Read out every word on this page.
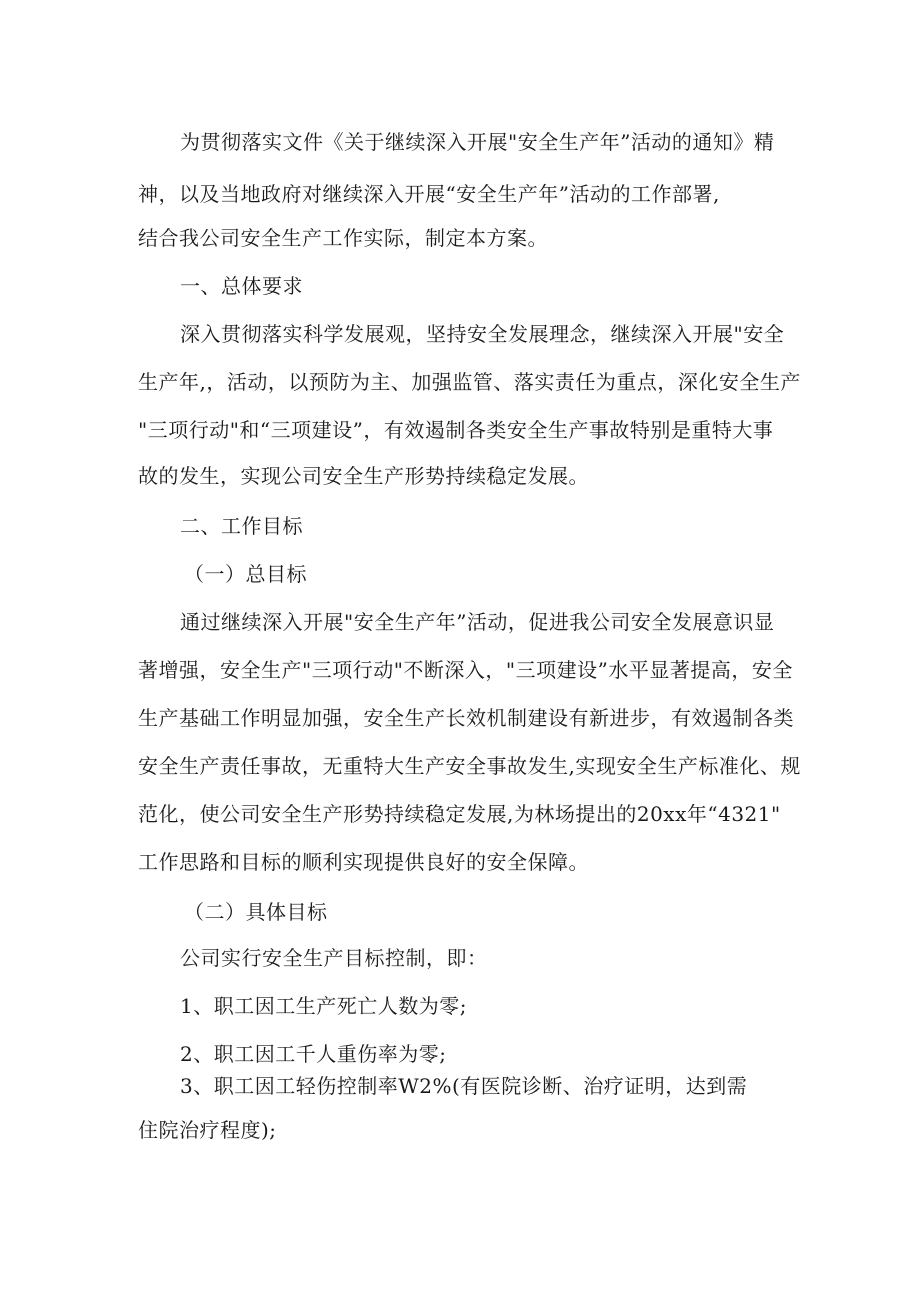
为贯彻落实文件《关于继续深入开展"安全生产年”活动的通知》精
神，以及当地政府对继续深入开展“安全生产年”活动的工作部署,
结合我公司安全生产工作实际，制定本方案。
一、总体要求
深入贯彻落实科学发展观，坚持安全发展理念，继续深入开展"安全
生产年,，活动，以预防为主、加强监管、落实责任为重点，深化安全生产
"三项行动"和“三项建设”，有效遏制各类安全生产事故特别是重特大事
故的发生，实现公司安全生产形势持续稳定发展。
二、工作目标
（一）总目标
通过继续深入开展"安全生产年”活动，促进我公司安全发展意识显
著增强，安全生产"三项行动"不断深入，"三项建设”水平显著提高，安全
生产基础工作明显加强，安全生产长效机制建设有新进步，有效遏制各类
安全生产责任事故，无重特大生产安全事故发生,实现安全生产标准化、规
范化，使公司安全生产形势持续稳定发展,为林场提出的20xx年“4321"
工作思路和目标的顺利实现提供良好的安全保障。
（二）具体目标
公司实行安全生产目标控制，即：
1、职工因工生产死亡人数为零;
2、职工因工千人重伤率为零;
3、职工因工轻伤控制率W2%(有医院诊断、治疗证明，达到需
住院治疗程度);
